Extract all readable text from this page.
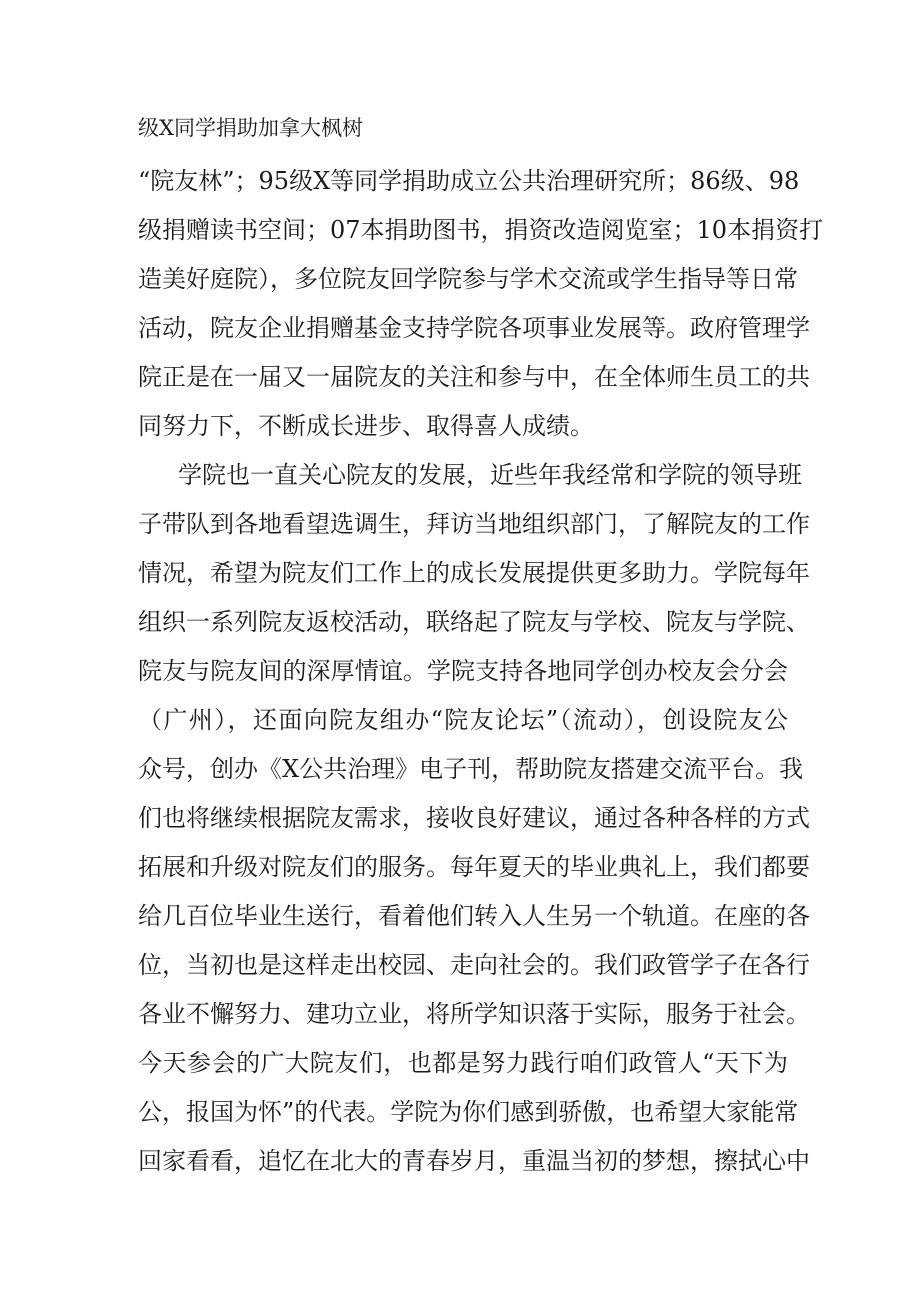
级X同学捐助加拿大枫树
“院友林”；95级X等同学捐助成立公共治理研究所；86级、98
级捐赠读书空间；07本捐助图书，捐资改造阅览室；10本捐资打
造美好庭院），多位院友回学院参与学术交流或学生指导等日常
活动，院友企业捐赠基金支持学院各项事业发展等。政府管理学
院正是在一届又一届院友的关注和参与中，在全体师生员工的共
同努力下，不断成长进步、取得喜人成绩。
学院也一直关心院友的发展，近些年我经常和学院的领导班
子带队到各地看望选调生，拜访当地组织部门，了解院友的工作
情况，希望为院友们工作上的成长发展提供更多助力。学院每年
组织一系列院友返校活动，联络起了院友与学校、院友与学院、
院友与院友间的深厚情谊。学院支持各地同学创办校友会分会
（广州），还面向院友组办“院友论坛”（流动），创设院友公
众号，创办《X公共治理》电子刊，帮助院友搭建交流平台。我
们也将继续根据院友需求，接收良好建议，通过各种各样的方式
拓展和升级对院友们的服务。每年夏天的毕业典礼上，我们都要
给几百位毕业生送行，看着他们转入人生另一个轨道。在座的各
位，当初也是这样走出校园、走向社会的。我们政管学子在各行
各业不懈努力、建功立业，将所学知识落于实际，服务于社会。
今天参会的广大院友们，也都是努力践行咱们政管人“天下为
公，报国为怀”的代表。学院为你们感到骄傲，也希望大家能常
回家看看，追忆在北大的青春岁月，重温当初的梦想，擦拭心中
